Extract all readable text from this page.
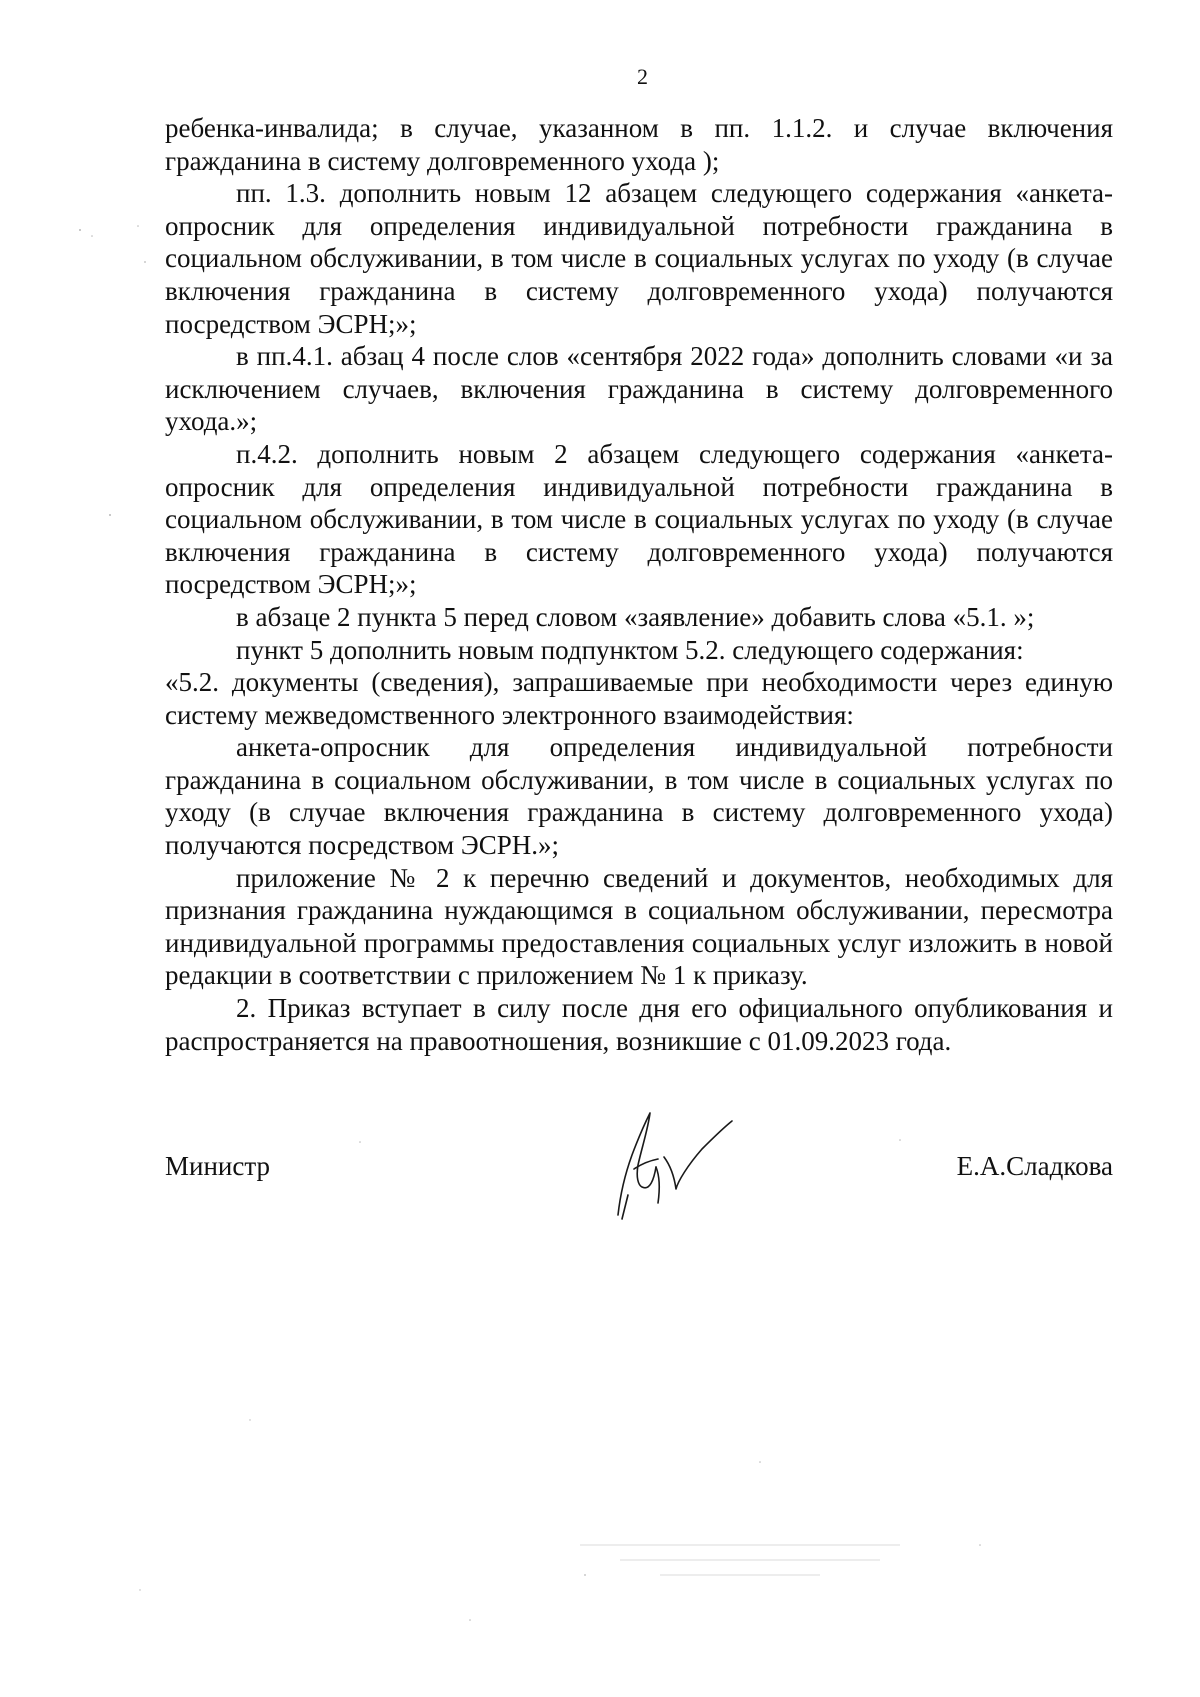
2

ребенка-инвалида; в случае, указанном в пп. 1.1.2. и случае включения гражданина в систему долговременного ухода );

пп. 1.3. дополнить новым 12 абзацем следующего содержания «анкета-опросник для определения индивидуальной потребности гражданина в социальном обслуживании, в том числе в социальных услугах по уходу (в случае включения гражданина в систему долговременного ухода) получаются посредством ЭСРН;»;

в пп.4.1. абзац 4 после слов «сентября 2022 года» дополнить словами «и за исключением случаев, включения гражданина в систему долговременного ухода.»;

п.4.2. дополнить новым 2 абзацем следующего содержания «анкета-опросник для определения индивидуальной потребности гражданина в социальном обслуживании, в том числе в социальных услугах по уходу (в случае включения гражданина в систему долговременного ухода) получаются посредством ЭСРН;»;

в абзаце 2 пункта 5 перед словом «заявление» добавить слова «5.1. »;

пункт 5 дополнить новым подпунктом 5.2. следующего содержания:

«5.2. документы (сведения), запрашиваемые при необходимости через единую систему межведомственного электронного взаимодействия:

анкета-опросник для определения индивидуальной потребности гражданина в социальном обслуживании, в том числе в социальных услугах по уходу (в случае включения гражданина в систему долговременного ухода) получаются посредством ЭСРН.»;

приложение № 2 к перечню сведений и документов, необходимых для признания гражданина нуждающимся в социальном обслуживании, пересмотра индивидуальной программы предоставления социальных услуг изложить в новой редакции в соответствии с приложением № 1 к приказу.

2. Приказ вступает в силу после дня его официального опубликования и распространяется на правоотношения, возникшие с 01.09.2023 года.

Министр	Е.А.Сладкова
